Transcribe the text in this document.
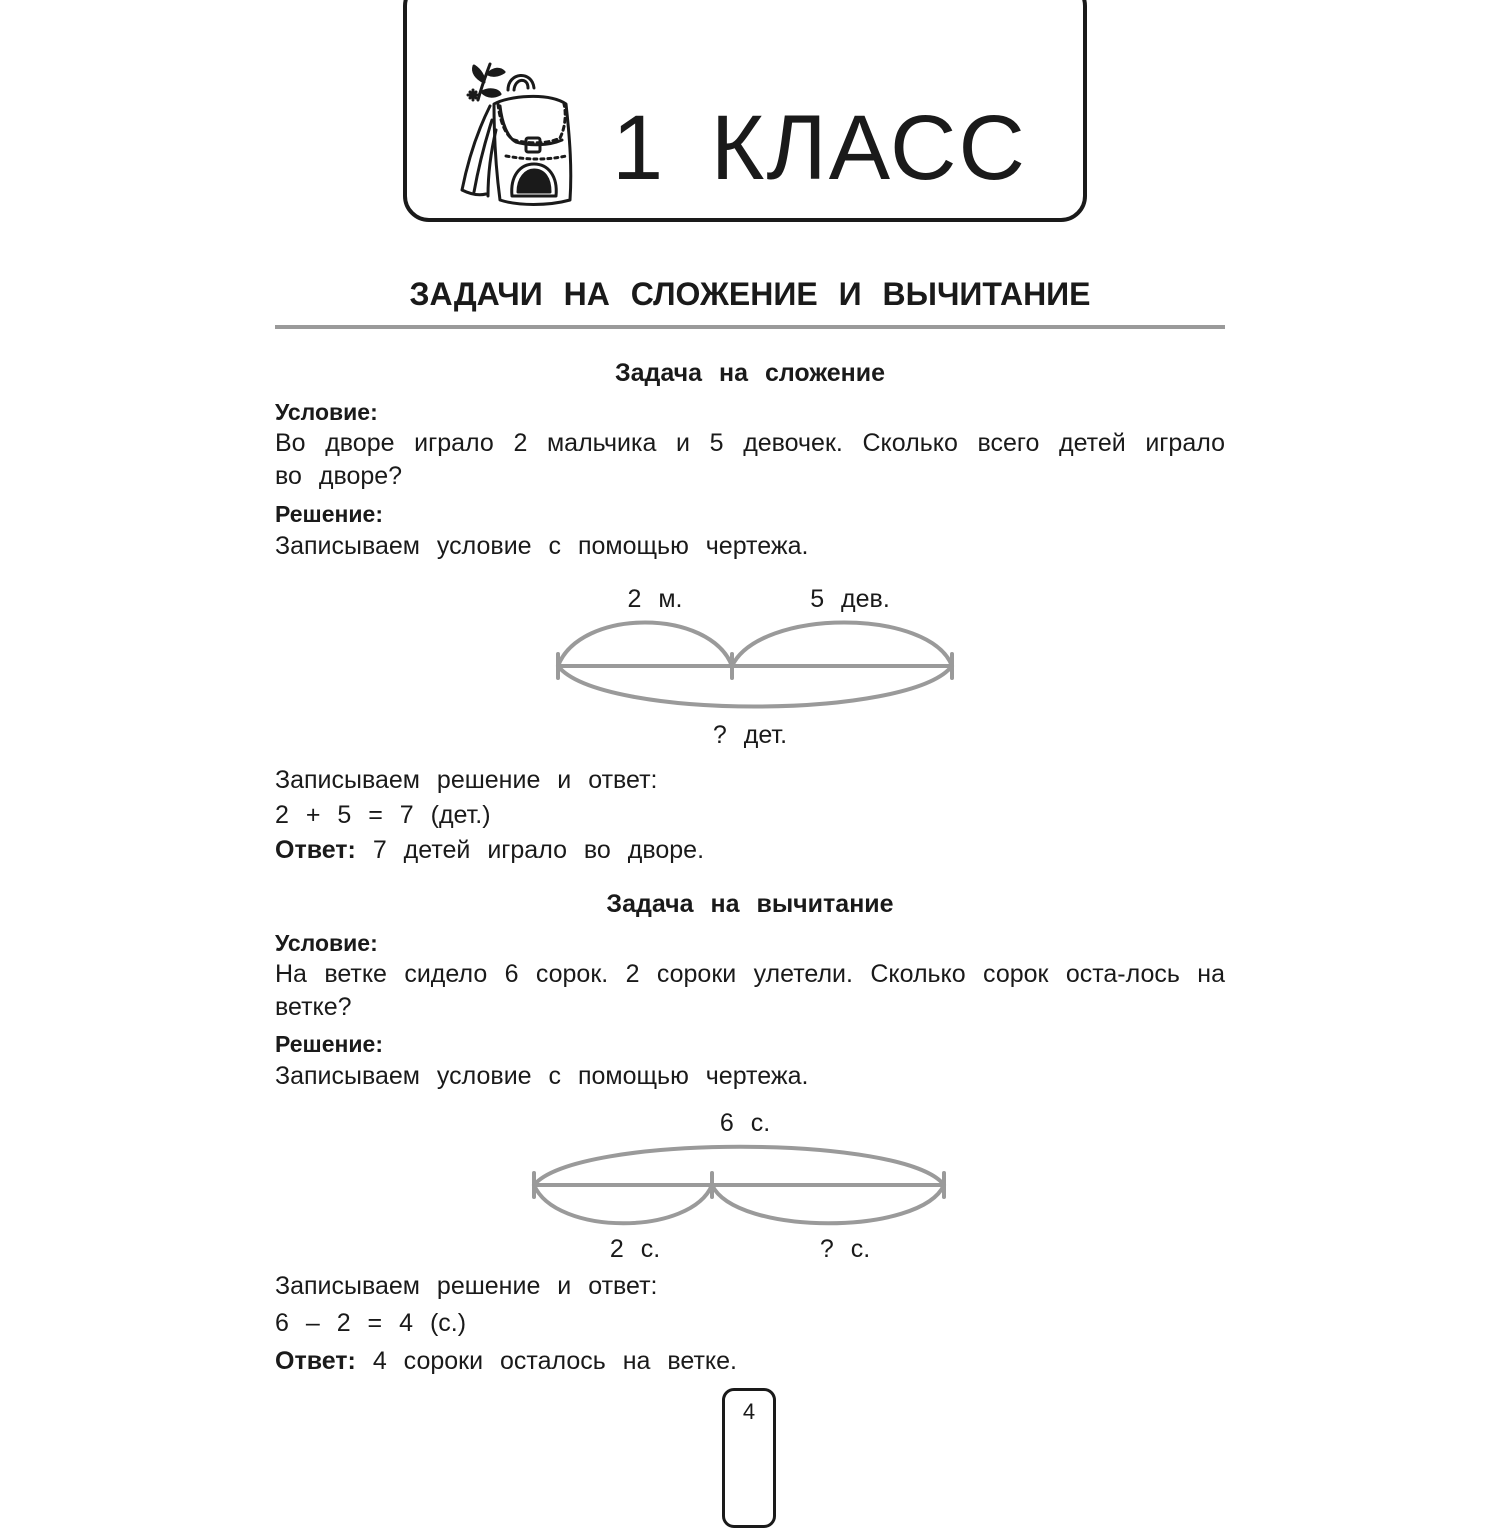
1 КЛАСС
ЗАДАЧИ НА СЛОЖЕНИЕ И ВЫЧИТАНИЕ
Задача на сложение
Условие:
Во дворе играло 2 мальчика и 5 девочек. Сколько всего детей играло во дворе?
Решение:
Записываем условие с помощью чертежа.
2 м.	5 дев.
? дет.
Записываем решение и ответ:
2 + 5 = 7 (дет.)
Ответ: 7 детей играло во дворе.
Задача на вычитание
Условие:
На ветке сидело 6 сорок. 2 сороки улетели. Сколько сорок оста-лось на ветке?
Решение:
Записываем условие с помощью чертежа.
6 с.
2 с.	? с.
Записываем решение и ответ:
6 – 2 = 4 (с.)
Ответ: 4 сороки осталось на ветке.
4
